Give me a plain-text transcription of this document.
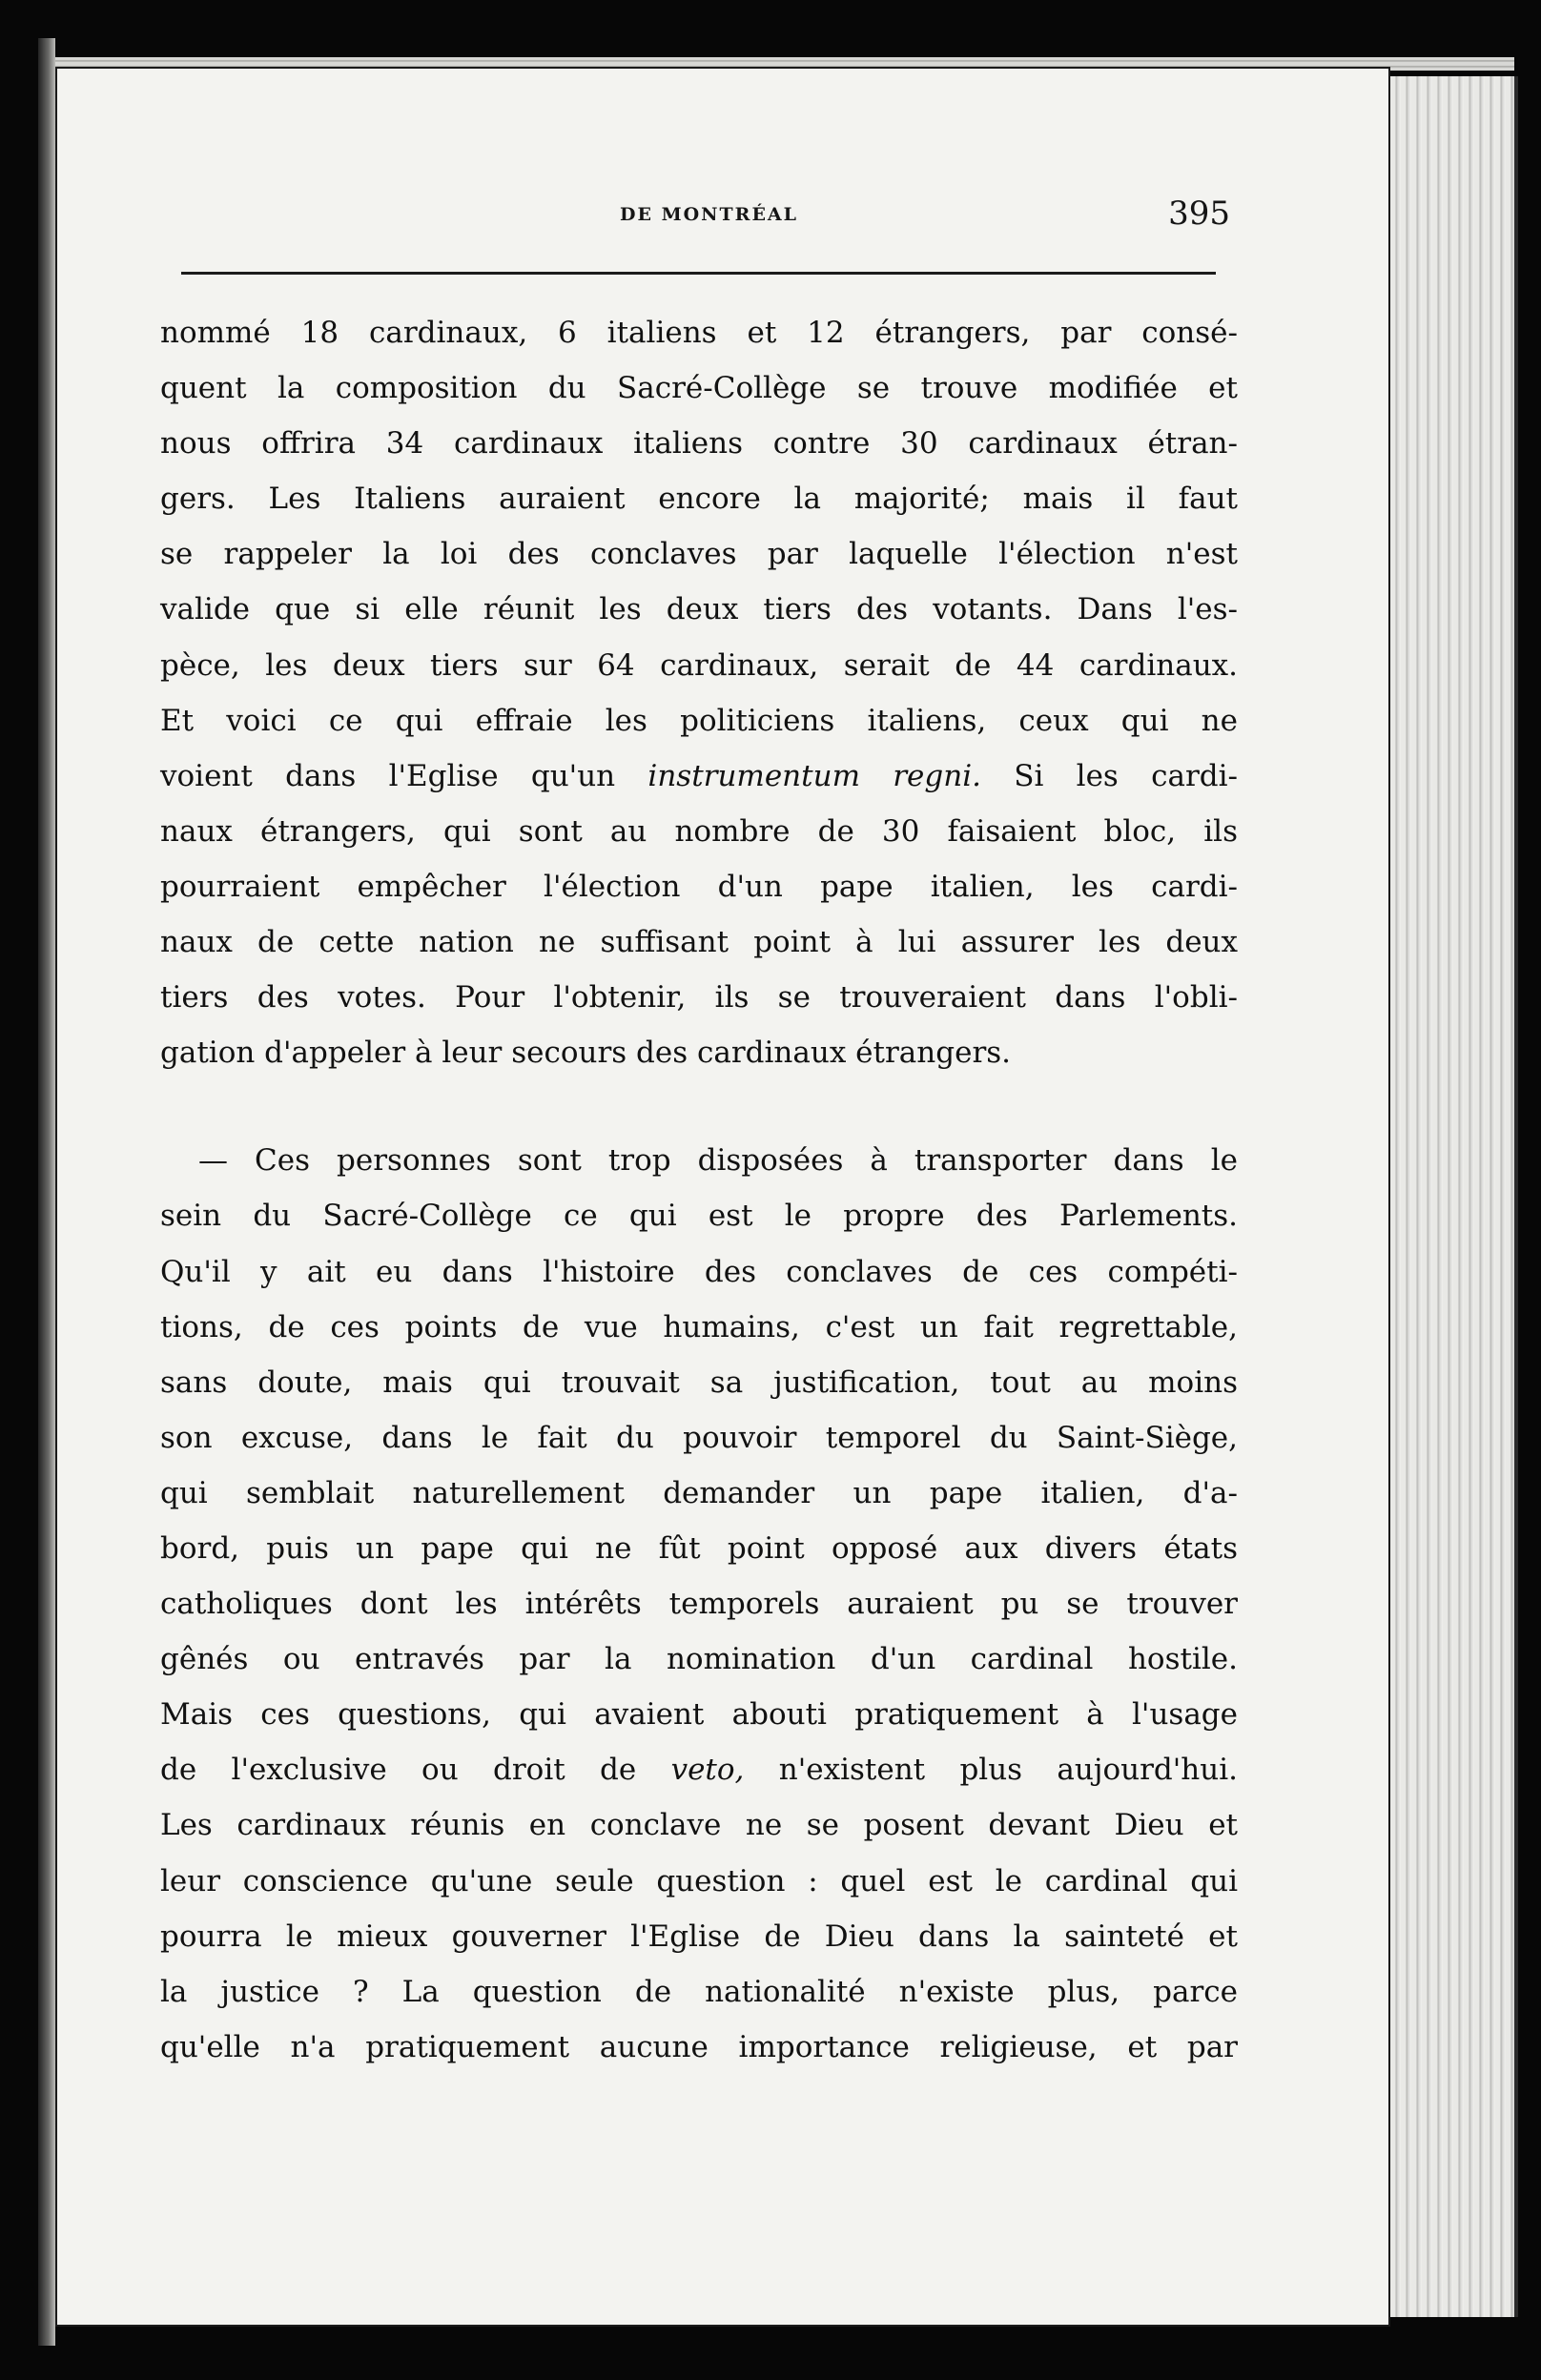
DE MONTRÉAL	395
nommé 18 cardinaux, 6 italiens et 12 étrangers, par consé-
quent la composition du Sacré-Collège se trouve modifiée et
nous offrira 34 cardinaux italiens contre 30 cardinaux étran-
gers. Les Italiens auraient encore la majorité; mais il faut
se rappeler la loi des conclaves par laquelle l'élection n'est
valide que si elle réunit les deux tiers des votants. Dans l'es-
pèce, les deux tiers sur 64 cardinaux, serait de 44 cardinaux.
Et voici ce qui effraie les politiciens italiens, ceux qui ne
voient dans l'Eglise qu'un instrumentum regni. Si les cardi-
naux étrangers, qui sont au nombre de 30 faisaient bloc, ils
pourraient empêcher l'élection d'un pape italien, les cardi-
naux de cette nation ne suffisant point à lui assurer les deux
tiers des votes. Pour l'obtenir, ils se trouveraient dans l'obli-
gation d'appeler à leur secours des cardinaux étrangers.
— Ces personnes sont trop disposées à transporter dans le
sein du Sacré-Collège ce qui est le propre des Parlements.
Qu'il y ait eu dans l'histoire des conclaves de ces compéti-
tions, de ces points de vue humains, c'est un fait regrettable,
sans doute, mais qui trouvait sa justification, tout au moins
son excuse, dans le fait du pouvoir temporel du Saint-Siège,
qui semblait naturellement demander un pape italien, d'a-
bord, puis un pape qui ne fût point opposé aux divers états
catholiques dont les intérêts temporels auraient pu se trouver
gênés ou entravés par la nomination d'un cardinal hostile.
Mais ces questions, qui avaient abouti pratiquement à l'usage
de l'exclusive ou droit de veto, n'existent plus aujourd'hui.
Les cardinaux réunis en conclave ne se posent devant Dieu et
leur conscience qu'une seule question : quel est le cardinal qui
pourra le mieux gouverner l'Eglise de Dieu dans la sainteté et
la justice ? La question de nationalité n'existe plus, parce
qu'elle n'a pratiquement aucune importance religieuse, et par
